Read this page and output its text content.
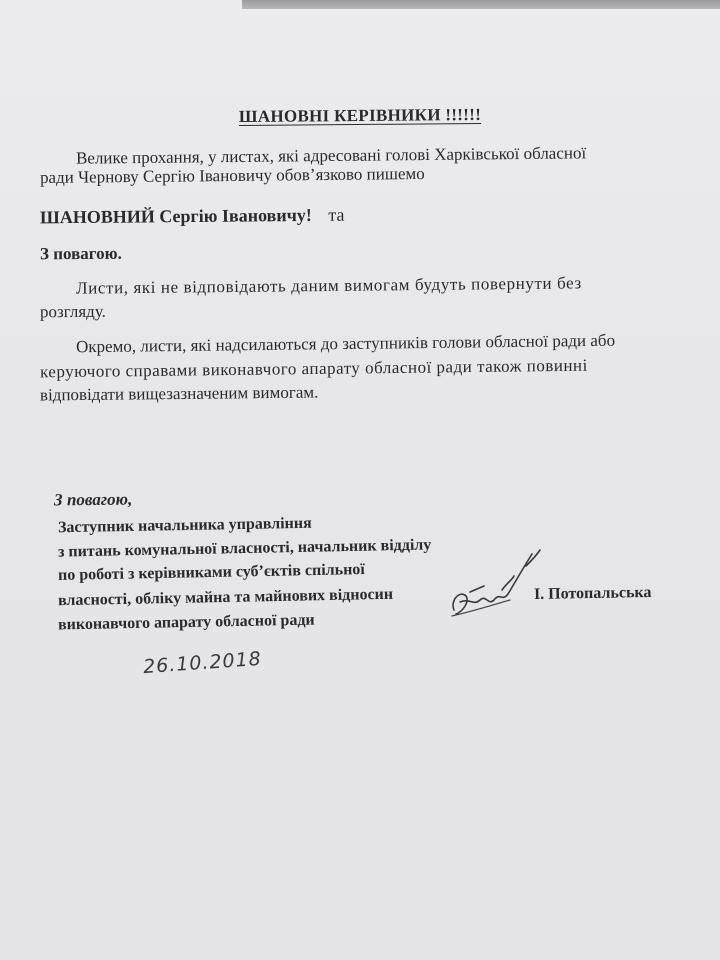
ШАНОВНІ КЕРІВНИКИ !!!!!!
Велике прохання, у листах, які адресовані голові Харківської обласної
ради Чернову Сергію Івановичу обов’язково пишемо
ШАНОВНИЙ Сергію Івановичу! та
З повагою.
Листи, які не відповідають даним вимогам будуть повернути без
розгляду.
Окремо, листи, які надсилаються до заступників голови обласної ради або
керуючого справами виконавчого апарату обласної ради також повинні
відповідати вищезазначеним вимогам.
З повагою,
Заступник начальника управління
з питань комунальної власності, начальник відділу
по роботі з керівниками суб’єктів спільної
власності, обліку майна та майнових відносин
виконавчого апарату обласної ради
І. Потопальська
26.10.2018
